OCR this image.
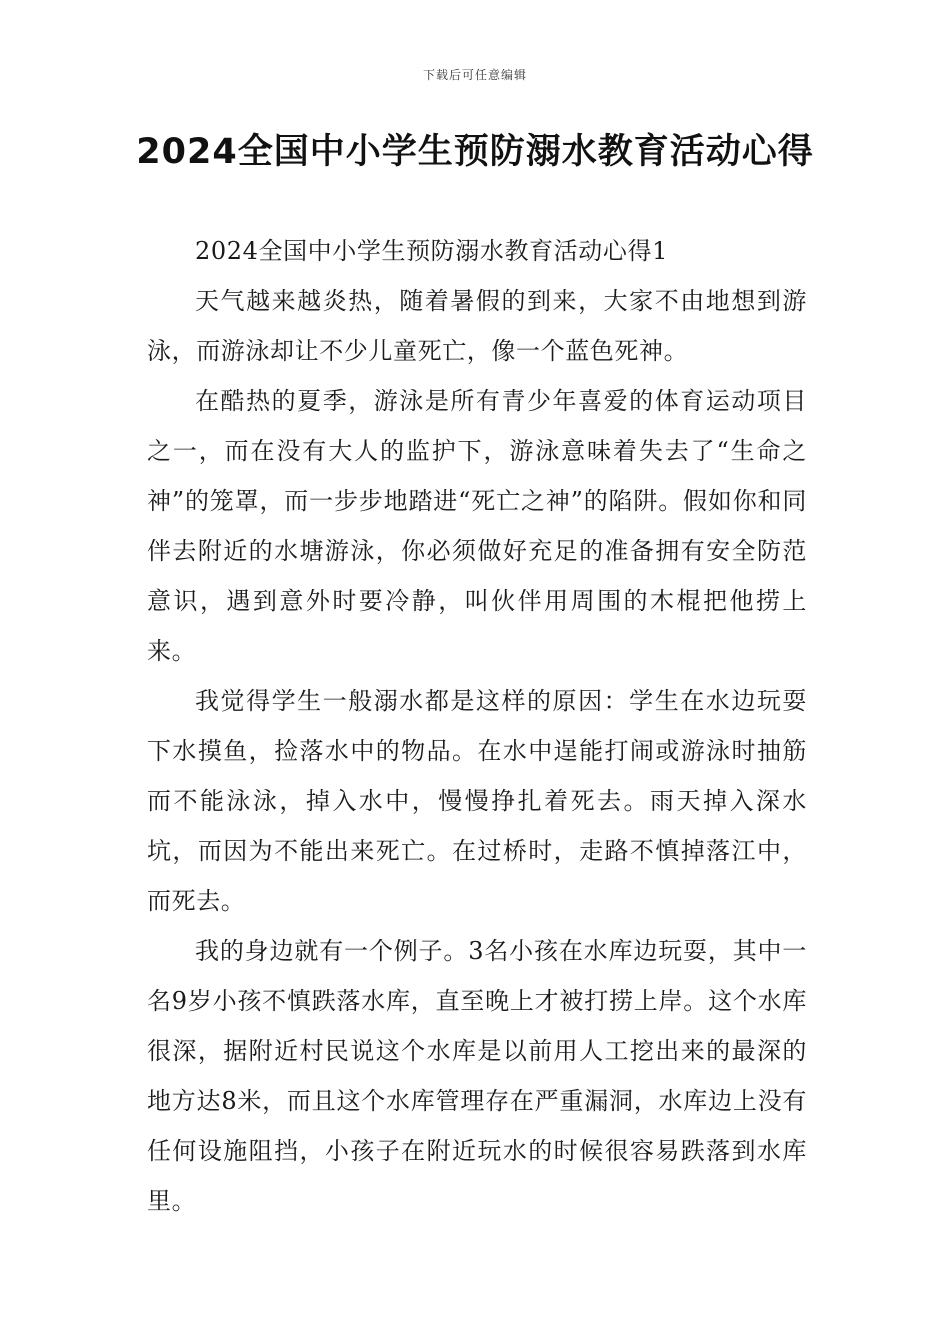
下载后可任意编辑
2024全国中小学生预防溺水教育活动心得

2024全国中小学生预防溺水教育活动心得1

天气越来越炎热，随着暑假的到来，大家不由地想到游泳，而游泳却让不少儿童死亡，像一个蓝色死神。

在酷热的夏季，游泳是所有青少年喜爱的体育运动项目之一，而在没有大人的监护下，游泳意味着失去了“生命之神”的笼罩，而一步步地踏进“死亡之神”的陷阱。假如你和同伴去附近的水塘游泳，你必须做好充足的准备拥有安全防范意识，遇到意外时要冷静，叫伙伴用周围的木棍把他捞上来。

我觉得学生一般溺水都是这样的原因：学生在水边玩耍下水摸鱼，捡落水中的物品。在水中逞能打闹或游泳时抽筋而不能泳泳，掉入水中，慢慢挣扎着死去。雨天掉入深水坑，而因为不能出来死亡。在过桥时，走路不慎掉落江中，而死去。

我的身边就有一个例子。3名小孩在水库边玩耍，其中一名9岁小孩不慎跌落水库，直至晚上才被打捞上岸。这个水库很深，据附近村民说这个水库是以前用人工挖出来的最深的地方达8米，而且这个水库管理存在严重漏洞，水库边上没有任何设施阻挡，小孩子在附近玩水的时候很容易跌落到水库里。
